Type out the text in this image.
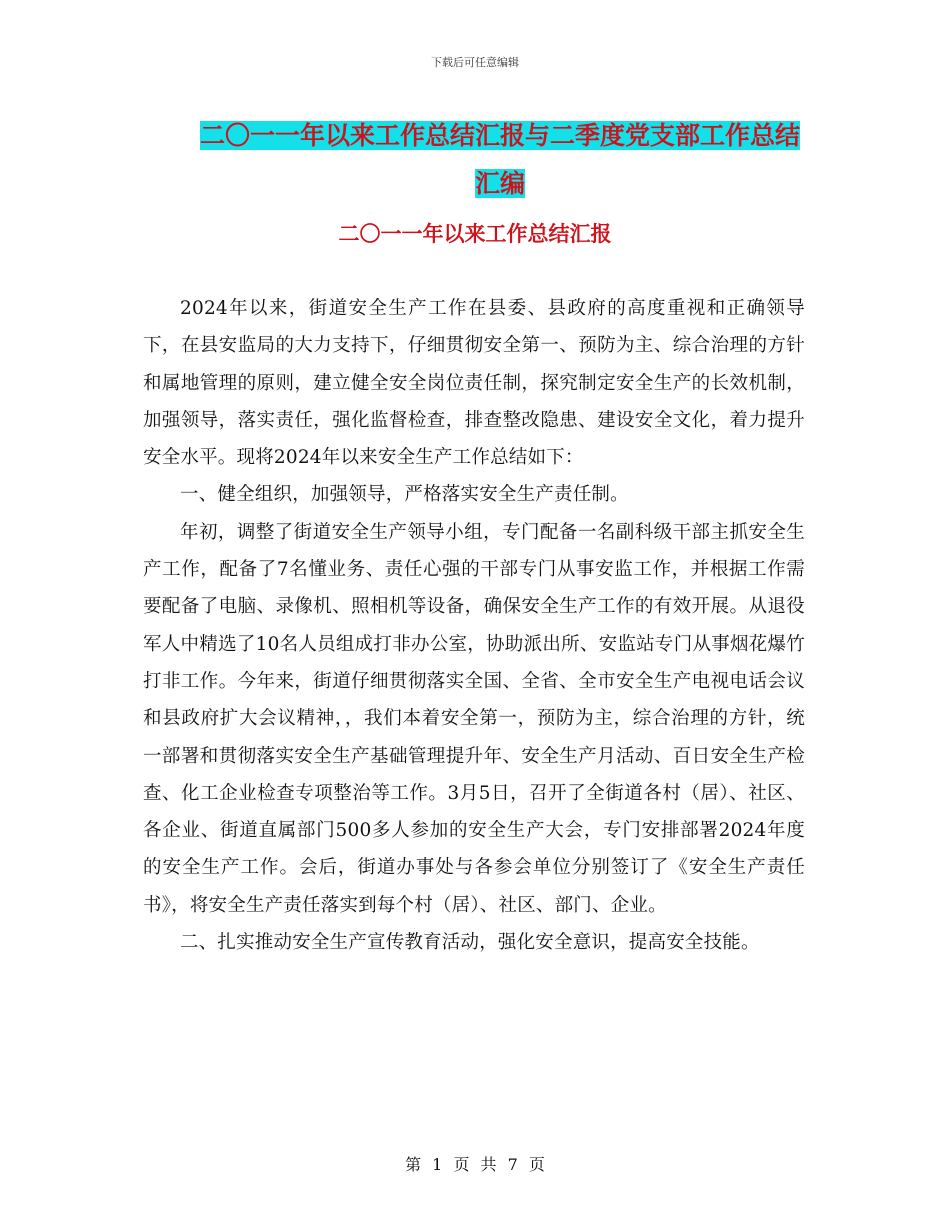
下载后可任意编辑
二〇一一年以来工作总结汇报与二季度党支部工作总结汇编
二〇一一年以来工作总结汇报

2024年以来，街道安全生产工作在县委、县政府的高度重视和正确领导下，在县安监局的大力支持下，仔细贯彻安全第一、预防为主、综合治理的方针和属地管理的原则，建立健全安全岗位责任制，探究制定安全生产的长效机制，加强领导，落实责任，强化监督检查，排查整改隐患、建设安全文化，着力提升安全水平。现将2024年以来安全生产工作总结如下：

一、健全组织，加强领导，严格落实安全生产责任制。

年初，调整了街道安全生产领导小组，专门配备一名副科级干部主抓安全生产工作，配备了7名懂业务、责任心强的干部专门从事安监工作，并根据工作需要配备了电脑、录像机、照相机等设备，确保安全生产工作的有效开展。从退役军人中精选了10名人员组成打非办公室，协助派出所、安监站专门从事烟花爆竹打非工作。今年来，街道仔细贯彻落实全国、全省、全市安全生产电视电话会议和县政府扩大会议精神，，我们本着安全第一，预防为主，综合治理的方针，统一部署和贯彻落实安全生产基础管理提升年、安全生产月活动、百日安全生产检查、化工企业检查专项整治等工作。3月5日，召开了全街道各村（居）、社区、各企业、街道直属部门500多人参加的安全生产大会，专门安排部署2024年度的安全生产工作。会后，街道办事处与各参会单位分别签订了《安全生产责任书》，将安全生产责任落实到每个村（居）、社区、部门、企业。

二、扎实推动安全生产宣传教育活动，强化安全意识，提高安全技能。

第 1 页 共 7 页
